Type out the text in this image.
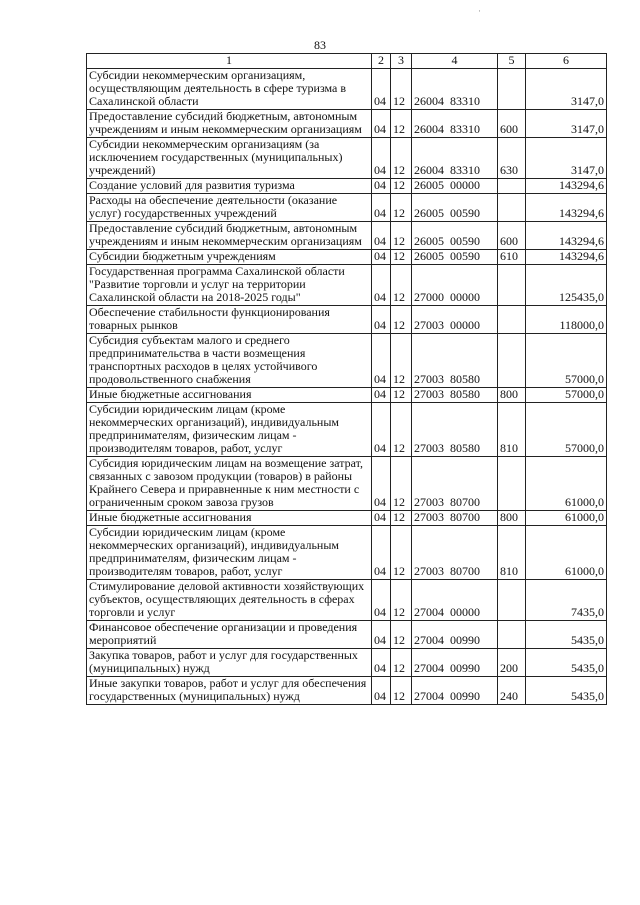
83
1	2	3	4	5	6
Субсидии некоммерческим организациям, осуществляющим деятельность в сфере туризма в Сахалинской области	04	12	26004  83310		3147,0
Предоставление субсидий бюджетным, автономным учреждениям и иным некоммерческим организациям	04	12	26004  83310	600	3147,0
Субсидии некоммерческим организациям (за исключением государственных (муниципальных) учреждений)	04	12	26004  83310	630	3147,0
Создание условий для развития туризма	04	12	26005  00000		143294,6
Расходы на обеспечение деятельности (оказание услуг) государственных учреждений	04	12	26005  00590		143294,6
Предоставление субсидий бюджетным, автономным учреждениям и иным некоммерческим организациям	04	12	26005  00590	600	143294,6
Субсидии бюджетным учреждениям	04	12	26005  00590	610	143294,6
Государственная программа Сахалинской области "Развитие торговли и услуг на территории Сахалинской области на 2018-2025 годы"	04	12	27000  00000		125435,0
Обеспечение стабильности функционирования товарных рынков	04	12	27003  00000		118000,0
Субсидия субъектам малого и среднего предпринимательства в части возмещения транспортных расходов в целях устойчивого продовольственного снабжения	04	12	27003  80580		57000,0
Иные бюджетные ассигнования	04	12	27003  80580	800	57000,0
Субсидии юридическим лицам (кроме некоммерческих организаций), индивидуальным предпринимателям, физическим лицам - производителям товаров, работ, услуг	04	12	27003  80580	810	57000,0
Субсидия юридическим лицам на возмещение затрат, связанных с завозом продукции (товаров) в районы Крайнего Севера и приравненные к ним местности с ограниченным сроком завоза грузов	04	12	27003  80700		61000,0
Иные бюджетные ассигнования	04	12	27003  80700	800	61000,0
Субсидии юридическим лицам (кроме некоммерческих организаций), индивидуальным предпринимателям, физическим лицам - производителям товаров, работ, услуг	04	12	27003  80700	810	61000,0
Стимулирование деловой активности хозяйствующих субъектов, осуществляющих деятельность в сферах торговли и услуг	04	12	27004  00000		7435,0
Финансовое обеспечение организации и проведения мероприятий	04	12	27004  00990		5435,0
Закупка товаров, работ и услуг для государственных (муниципальных) нужд	04	12	27004  00990	200	5435,0
Иные закупки товаров, работ и услуг для обеспечения государственных (муниципальных) нужд	04	12	27004  00990	240	5435,0
·
